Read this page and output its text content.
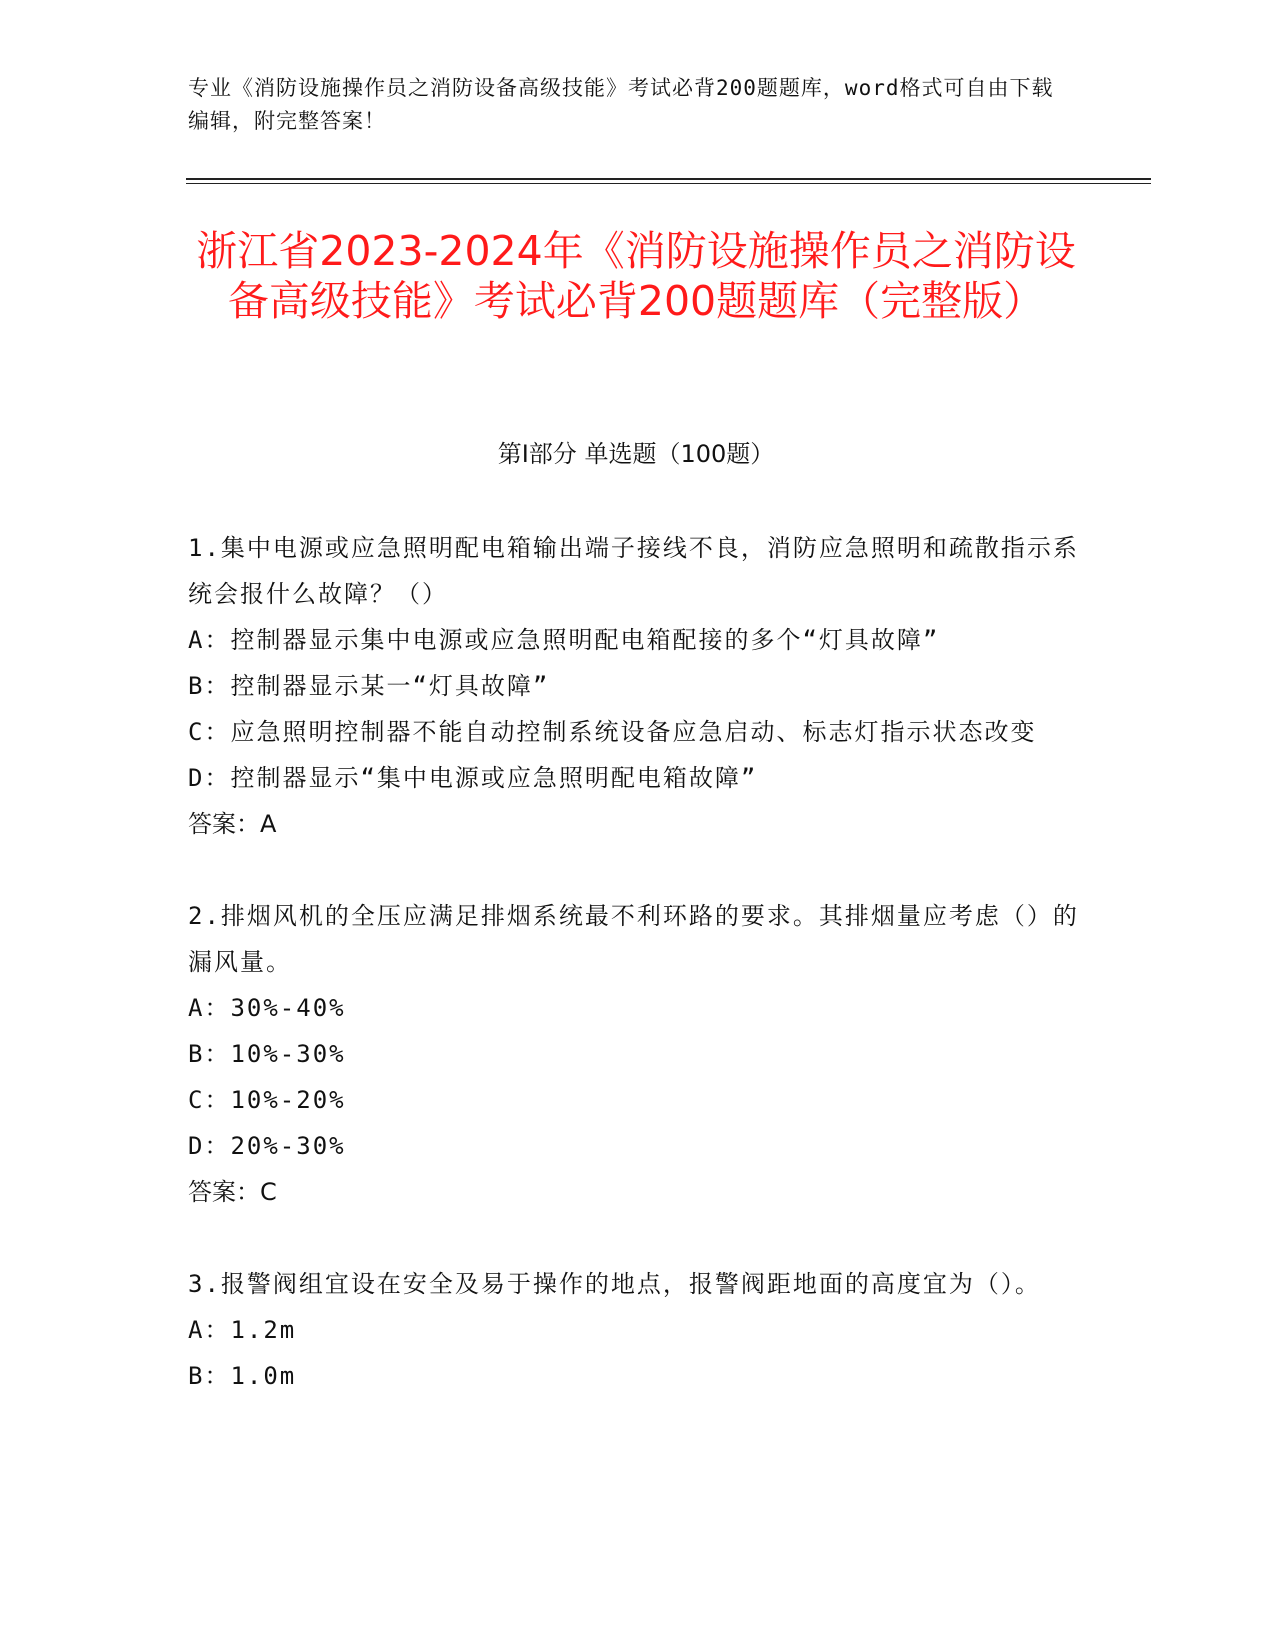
专业《消防设施操作员之消防设备高级技能》考试必背200题题库，word格式可自由下载编辑，附完整答案！
浙江省2023-2024年《消防设施操作员之消防设备高级技能》考试必背200题题库（完整版）
第I部分 单选题（100题）
1.集中电源或应急照明配电箱输出端子接线不良，消防应急照明和疏散指示系统会报什么故障？（）
A：控制器显示集中电源或应急照明配电箱配接的多个“灯具故障”
B：控制器显示某一“灯具故障”
C：应急照明控制器不能自动控制系统设备应急启动、标志灯指示状态改变
D：控制器显示“集中电源或应急照明配电箱故障”
答案：A
2.排烟风机的全压应满足排烟系统最不利环路的要求。其排烟量应考虑（）的漏风量。
A：30%-40%
B：10%-30%
C：10%-20%
D：20%-30%
答案：C
3.报警阀组宜设在安全及易于操作的地点，报警阀距地面的高度宜为（）。
A：1.2m
B：1.0m
